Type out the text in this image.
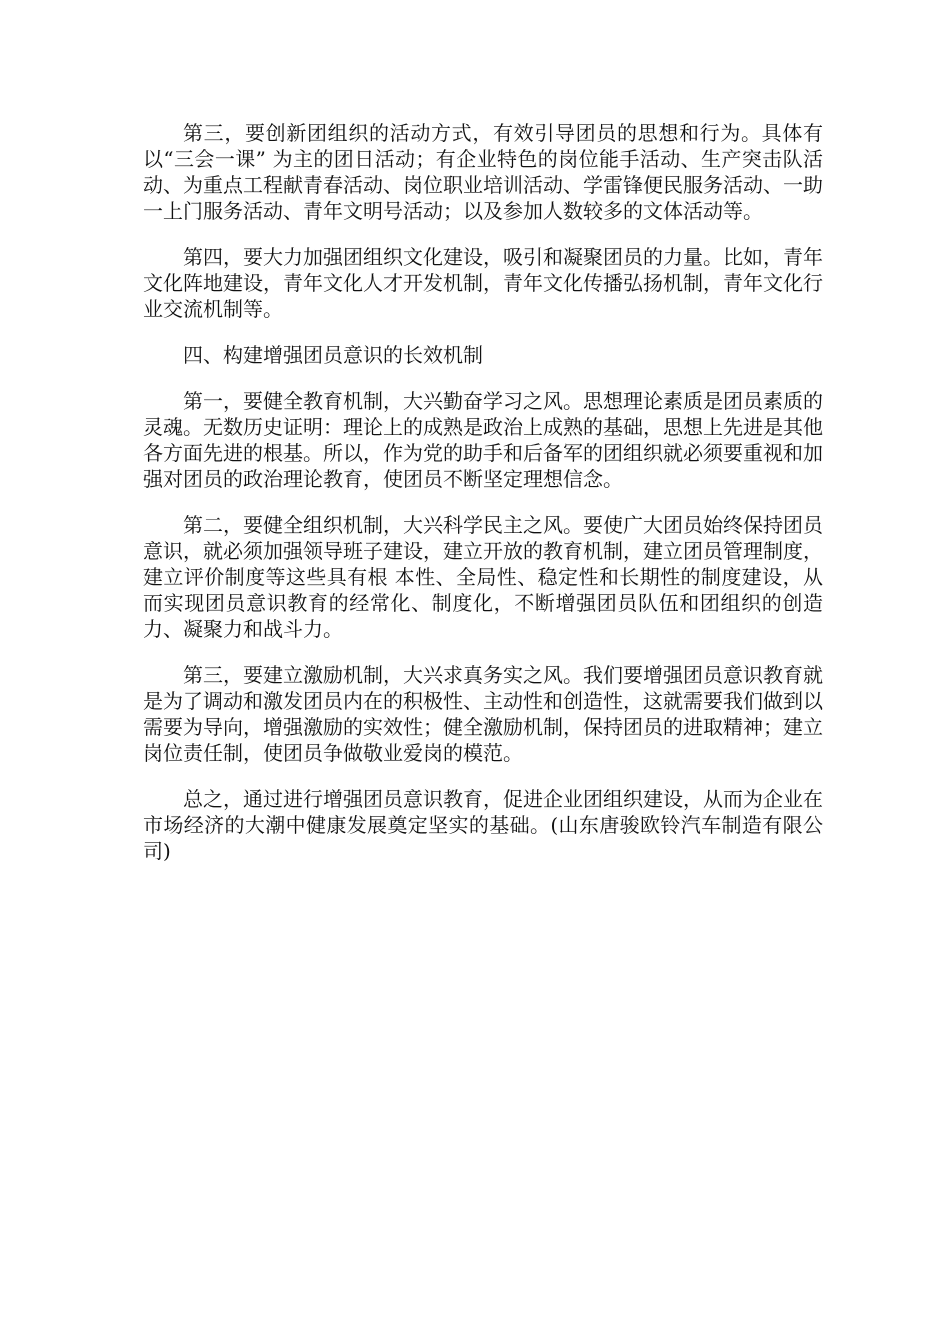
第三，要创新团组织的活动方式，有效引导团员的思想和行为。具体有以“三会一课” 为主的团日活动；有企业特色的岗位能手活动、生产突击队活动、为重点工程献青春活动、岗位职业培训活动、学雷锋便民服务活动、一助一上门服务活动、青年文明号活动；以及参加人数较多的文体活动等。

第四，要大力加强团组织文化建设，吸引和凝聚团员的力量。比如，青年文化阵地建设，青年文化人才开发机制，青年文化传播弘扬机制，青年文化行业交流机制等。

四、构建增强团员意识的长效机制

第一，要健全教育机制，大兴勤奋学习之风。思想理论素质是团员素质的灵魂。无数历史证明：理论上的成熟是政治上成熟的基础，思想上先进是其他各方面先进的根基。所以，作为党的助手和后备军的团组织就必须要重视和加强对团员的政治理论教育，使团员不断坚定理想信念。

第二，要健全组织机制，大兴科学民主之风。要使广大团员始终保持团员意识，就必须加强领导班子建设，建立开放的教育机制，建立团员管理制度，建立评价制度等这些具有根 本性、全局性、稳定性和长期性的制度建设，从而实现团员意识教育的经常化、制度化，不断增强团员队伍和团组织的创造力、凝聚力和战斗力。

第三，要建立激励机制，大兴求真务实之风。我们要增强团员意识教育就是为了调动和激发团员内在的积极性、主动性和创造性，这就需要我们做到以需要为导向，增强激励的实效性；健全激励机制，保持团员的进取精神；建立岗位责任制，使团员争做敬业爱岗的模范。

总之，通过进行增强团员意识教育，促进企业团组织建设，从而为企业在市场经济的大潮中健康发展奠定坚实的基础。(山东唐骏欧铃汽车制造有限公司)
